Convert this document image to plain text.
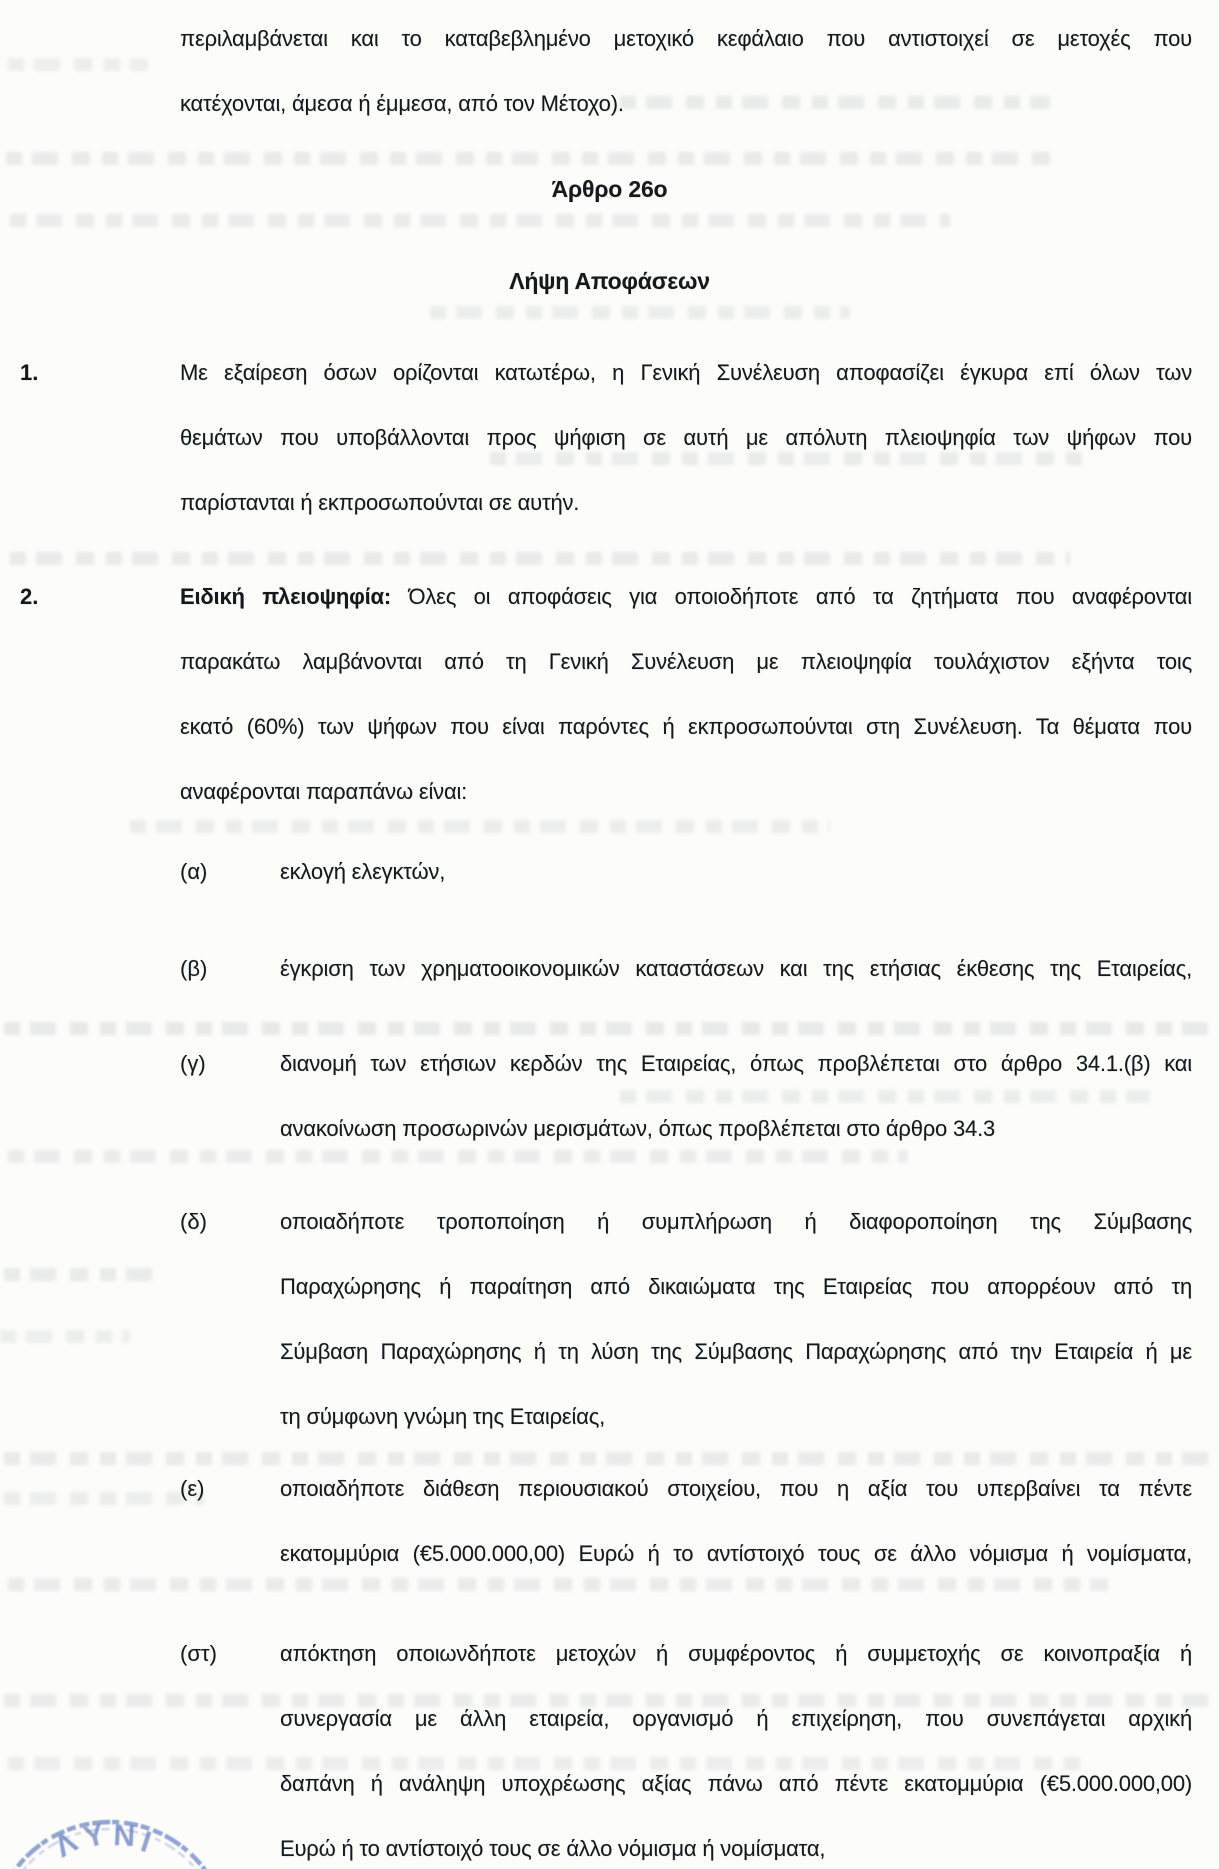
περιλαμβάνεται και το καταβεβλημένο μετοχικό κεφάλαιο που αντιστοιχεί σε μετοχές που
κατέχονται, άμεσα ή έμμεσα, από τον Μέτοχο).
Άρθρο 26ο
Λήψη Αποφάσεων
1.	Με εξαίρεση όσων ορίζονται κατωτέρω, η Γενική Συνέλευση αποφασίζει έγκυρα επί όλων των
θεμάτων που υποβάλλονται προς ψήφιση σε αυτή με απόλυτη πλειοψηφία των ψήφων που
παρίστανται ή εκπροσωπούνται σε αυτήν.
2.	Ειδική πλειοψηφία: Όλες οι αποφάσεις για οποιοδήποτε από τα ζητήματα που αναφέρονται
παρακάτω λαμβάνονται από τη Γενική Συνέλευση με πλειοψηφία τουλάχιστον εξήντα τοις
εκατό (60%) των ψήφων που είναι παρόντες ή εκπροσωπούνται στη Συνέλευση. Τα θέματα που
αναφέρονται παραπάνω είναι:
(α)	εκλογή ελεγκτών,
(β)	έγκριση των χρηματοοικονομικών καταστάσεων και της ετήσιας έκθεσης της Εταιρείας,
(γ)	διανομή των ετήσιων κερδών της Εταιρείας, όπως προβλέπεται στο άρθρο 34.1.(β) και
ανακοίνωση προσωρινών μερισμάτων, όπως προβλέπεται στο άρθρο 34.3
(δ)	οποιαδήποτε τροποποίηση ή συμπλήρωση ή διαφοροποίηση της Σύμβασης
Παραχώρησης ή παραίτηση από δικαιώματα της Εταιρείας που απορρέουν από τη
Σύμβαση Παραχώρησης ή τη λύση της Σύμβασης Παραχώρησης από την Εταιρεία ή με
τη σύμφωνη γνώμη της Εταιρείας,
(ε)	οποιαδήποτε διάθεση περιουσιακού στοιχείου, που η αξία του υπερβαίνει τα πέντε
εκατομμύρια (€5.000.000,00) Ευρώ ή το αντίστοιχό τους σε άλλο νόμισμα ή νομίσματα,
(στ)	απόκτηση οποιωνδήποτε μετοχών ή συμφέροντος ή συμμετοχής σε κοινοπραξία ή
συνεργασία με άλλη εταιρεία, οργανισμό ή επιχείρηση, που συνεπάγεται αρχική
δαπάνη ή ανάληψη υποχρέωσης αξίας πάνω από πέντε εκατομμύρια (€5.000.000,00)
Ευρώ ή το αντίστοιχό τους σε άλλο νόμισμα ή νομίσματα,
Λ
Υ Ν Ι
